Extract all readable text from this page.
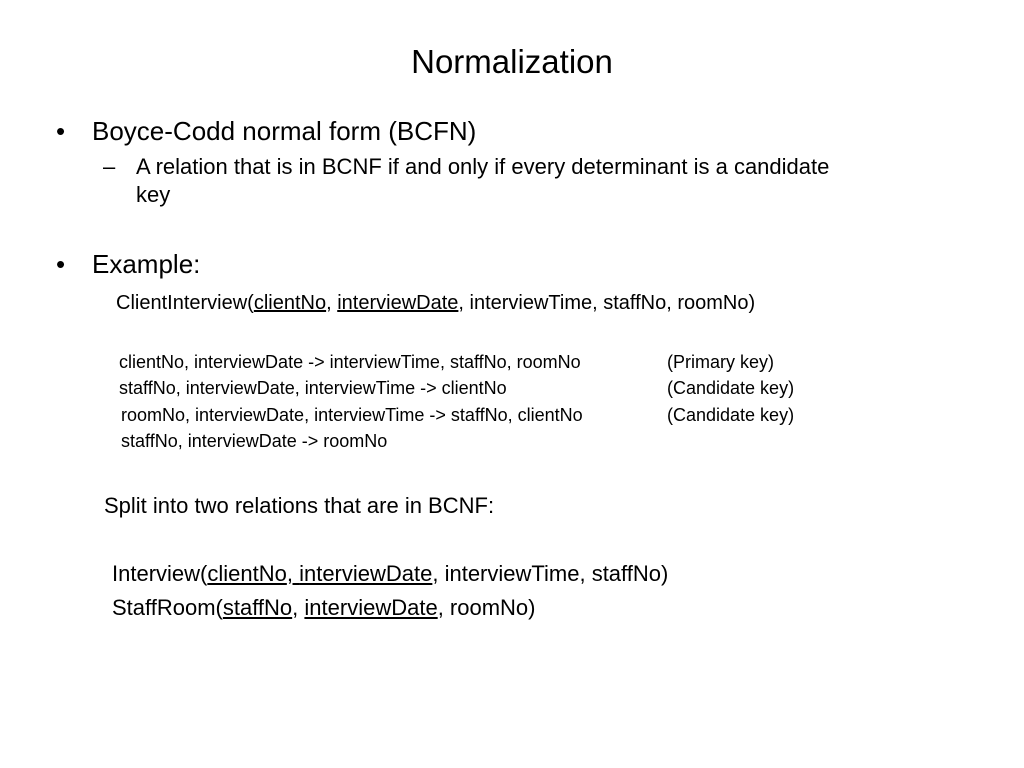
Normalization
• Boyce-Codd normal form (BCFN)
– A relation that is in BCNF if and only if every determinant is a candidate key
• Example:
ClientInterview(clientNo, interviewDate, interviewTime, staffNo, roomNo)
clientNo, interviewDate -> interviewTime, staffNo, roomNo	(Primary key)
staffNo, interviewDate, interviewTime -> clientNo	(Candidate key)
roomNo, interviewDate, interviewTime -> staffNo, clientNo	(Candidate key)
staffNo, interviewDate -> roomNo
Split into two relations that are in BCNF:
Interview(clientNo, interviewDate, interviewTime, staffNo)
StaffRoom(staffNo, interviewDate, roomNo)
